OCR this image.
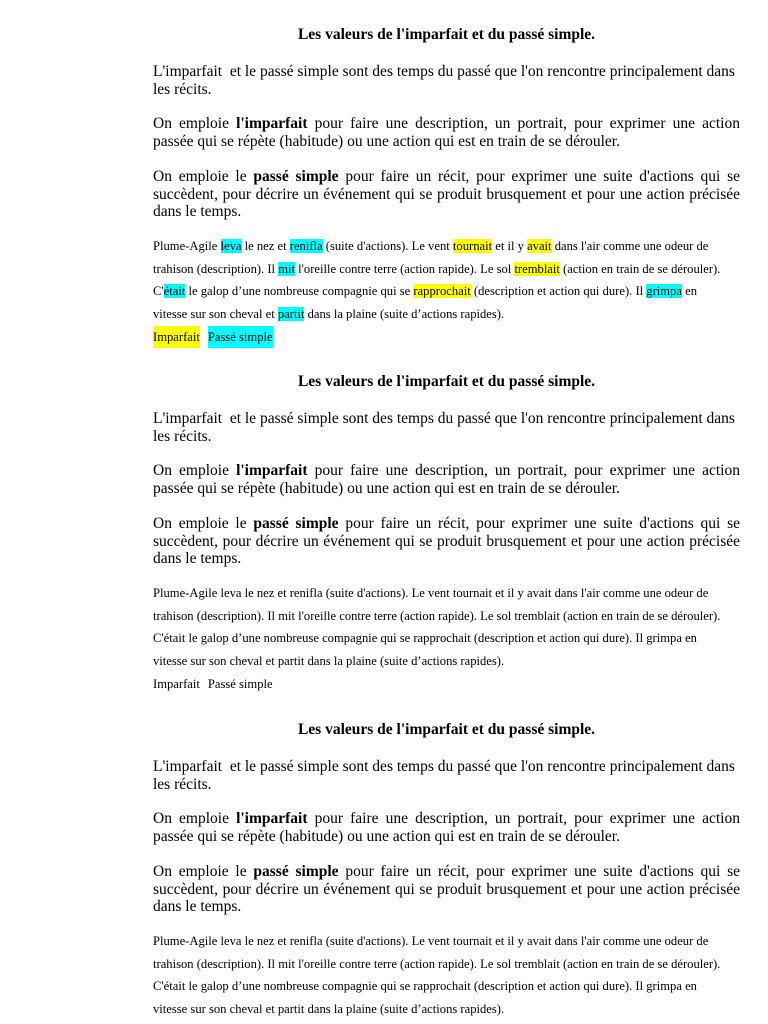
Les valeurs de l'imparfait et du passé simple.
L'imparfait  et le passé simple sont des temps du passé que l'on rencontre principalement dans
les récits.
On emploie l'imparfait pour faire une description, un portrait, pour exprimer une action
passée qui se répète (habitude) ou une action qui est en train de se dérouler.
On emploie le passé simple pour faire un récit, pour exprimer une suite d'actions qui se
succèdent, pour décrire un événement qui se produit brusquement et pour une action précisée
dans le temps.
Plume-Agile leva le nez et renifla (suite d'actions). Le vent tournait et il y avait dans l'air comme une odeur de
trahison (description). Il mit l'oreille contre terre (action rapide). Le sol tremblait (action en train de se dérouler).
C'était le galop d’une nombreuse compagnie qui se rapprochait (description et action qui dure). Il grimpa en
vitesse sur son cheval et partit dans la plaine (suite d’actions rapides).
Imparfait Passé simple
Les valeurs de l'imparfait et du passé simple.
L'imparfait  et le passé simple sont des temps du passé que l'on rencontre principalement dans
les récits.
On emploie l'imparfait pour faire une description, un portrait, pour exprimer une action
passée qui se répète (habitude) ou une action qui est en train de se dérouler.
On emploie le passé simple pour faire un récit, pour exprimer une suite d'actions qui se
succèdent, pour décrire un événement qui se produit brusquement et pour une action précisée
dans le temps.
Plume-Agile leva le nez et renifla (suite d'actions). Le vent tournait et il y avait dans l'air comme une odeur de
trahison (description). Il mit l'oreille contre terre (action rapide). Le sol tremblait (action en train de se dérouler).
C'était le galop d’une nombreuse compagnie qui se rapprochait (description et action qui dure). Il grimpa en
vitesse sur son cheval et partit dans la plaine (suite d’actions rapides).
Imparfait Passé simple
Les valeurs de l'imparfait et du passé simple.
L'imparfait  et le passé simple sont des temps du passé que l'on rencontre principalement dans
les récits.
On emploie l'imparfait pour faire une description, un portrait, pour exprimer une action
passée qui se répète (habitude) ou une action qui est en train de se dérouler.
On emploie le passé simple pour faire un récit, pour exprimer une suite d'actions qui se
succèdent, pour décrire un événement qui se produit brusquement et pour une action précisée
dans le temps.
Plume-Agile leva le nez et renifla (suite d'actions). Le vent tournait et il y avait dans l'air comme une odeur de
trahison (description). Il mit l'oreille contre terre (action rapide). Le sol tremblait (action en train de se dérouler).
C'était le galop d’une nombreuse compagnie qui se rapprochait (description et action qui dure). Il grimpa en
vitesse sur son cheval et partit dans la plaine (suite d’actions rapides).
